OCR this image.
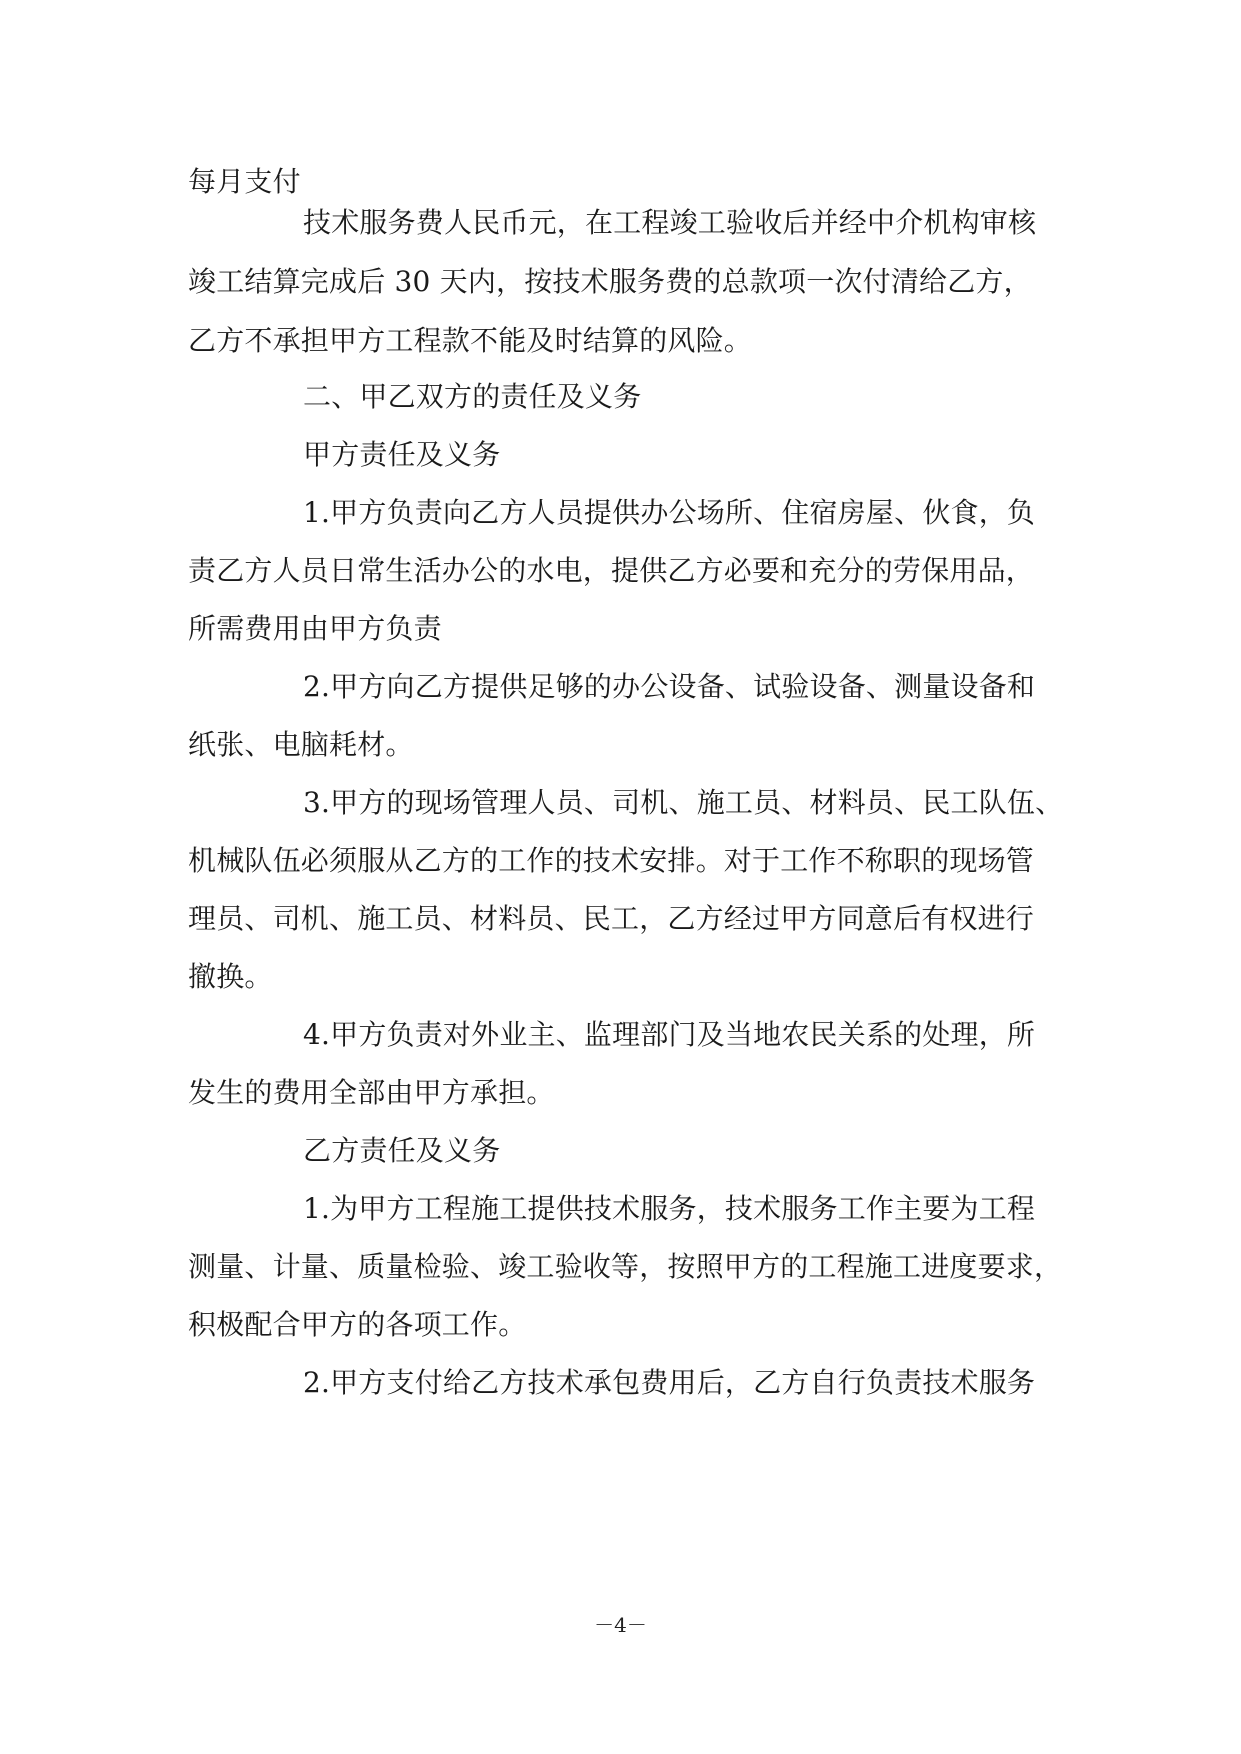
每月支付
技术服务费人民币元，在工程竣工验收后并经中介机构审核
竣工结算完成后 30 天内，按技术服务费的总款项一次付清给乙方，
乙方不承担甲方工程款不能及时结算的风险。
二、甲乙双方的责任及义务
甲方责任及义务
1.甲方负责向乙方人员提供办公场所、住宿房屋、伙食，负
责乙方人员日常生活办公的水电，提供乙方必要和充分的劳保用品，
所需费用由甲方负责
2.甲方向乙方提供足够的办公设备、试验设备、测量设备和
纸张、电脑耗材。
3.甲方的现场管理人员、司机、施工员、材料员、民工队伍、
机械队伍必须服从乙方的工作的技术安排。对于工作不称职的现场管
理员、司机、施工员、材料员、民工，乙方经过甲方同意后有权进行
撤换。
4.甲方负责对外业主、监理部门及当地农民关系的处理，所
发生的费用全部由甲方承担。
乙方责任及义务
1.为甲方工程施工提供技术服务，技术服务工作主要为工程
测量、计量、质量检验、竣工验收等，按照甲方的工程施工进度要求，
积极配合甲方的各项工作。
2.甲方支付给乙方技术承包费用后，乙方自行负责技术服务
－4－
